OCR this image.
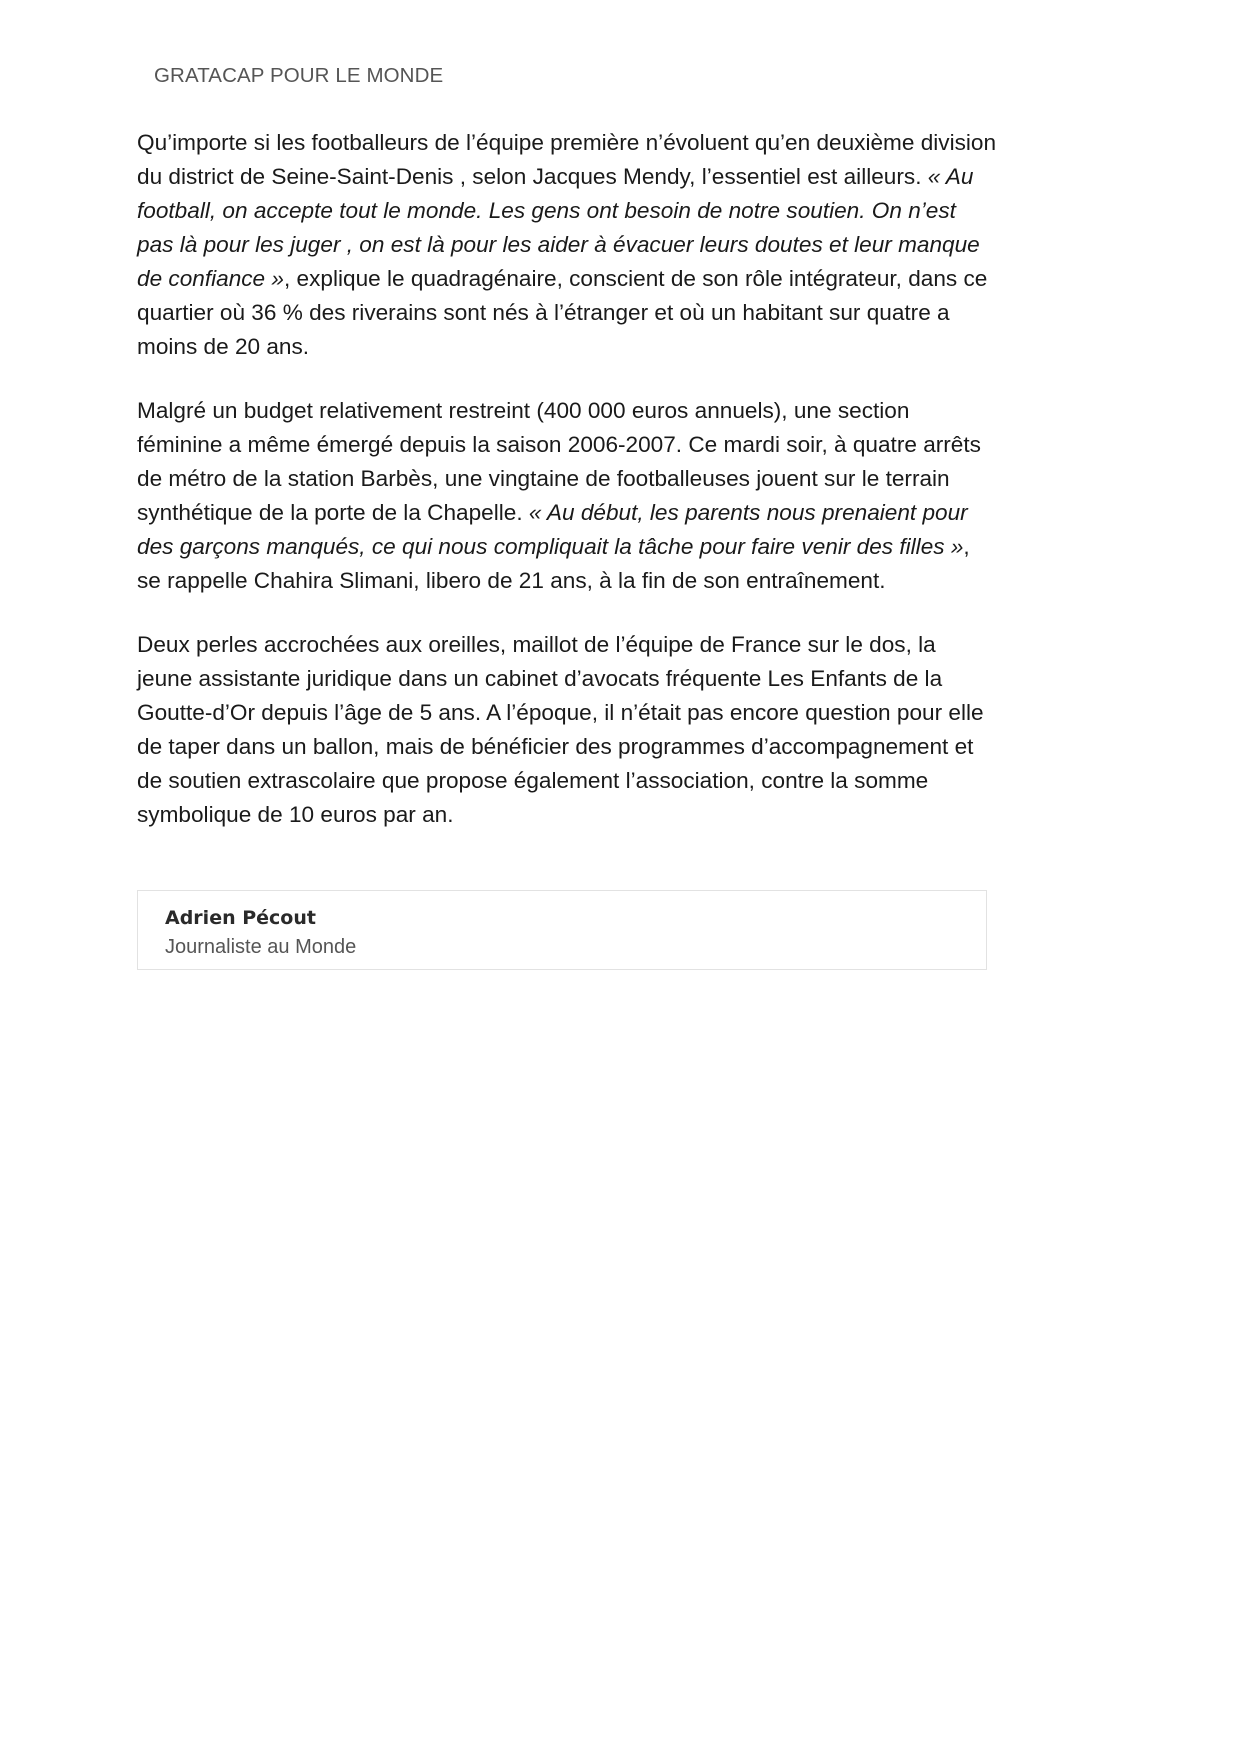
GRATACAP POUR LE MONDE

Qu’importe si les footballeurs de l’équipe première n’évoluent qu’en deuxième division du district de Seine-Saint-Denis , selon Jacques Mendy, l’essentiel est ailleurs. « Au football, on accepte tout le monde. Les gens ont besoin de notre soutien. On n’est pas là pour les juger , on est là pour les aider à évacuer leurs doutes et leur manque de confiance », explique le quadragénaire, conscient de son rôle intégrateur, dans ce quartier où 36 % des riverains sont nés à l’étranger et où un habitant sur quatre a moins de 20 ans.

Malgré un budget relativement restreint (400 000 euros annuels), une section féminine a même émergé depuis la saison 2006-2007. Ce mardi soir, à quatre arrêts de métro de la station Barbès, une vingtaine de footballeuses jouent sur le terrain synthétique de la porte de la Chapelle. « Au début, les parents nous prenaient pour des garçons manqués, ce qui nous compliquait la tâche pour faire venir des filles », se rappelle Chahira Slimani, libero de 21 ans, à la fin de son entraînement.

Deux perles accrochées aux oreilles, maillot de l’équipe de France sur le dos, la jeune assistante juridique dans un cabinet d’avocats fréquente Les Enfants de la Goutte-d’Or depuis l’âge de 5 ans. A l’époque, il n’était pas encore question pour elle de taper dans un ballon, mais de bénéficier des programmes d’accompagnement et de soutien extrascolaire que propose également l’association, contre la somme symbolique de 10 euros par an.

Adrien Pécout
Journaliste au Monde
